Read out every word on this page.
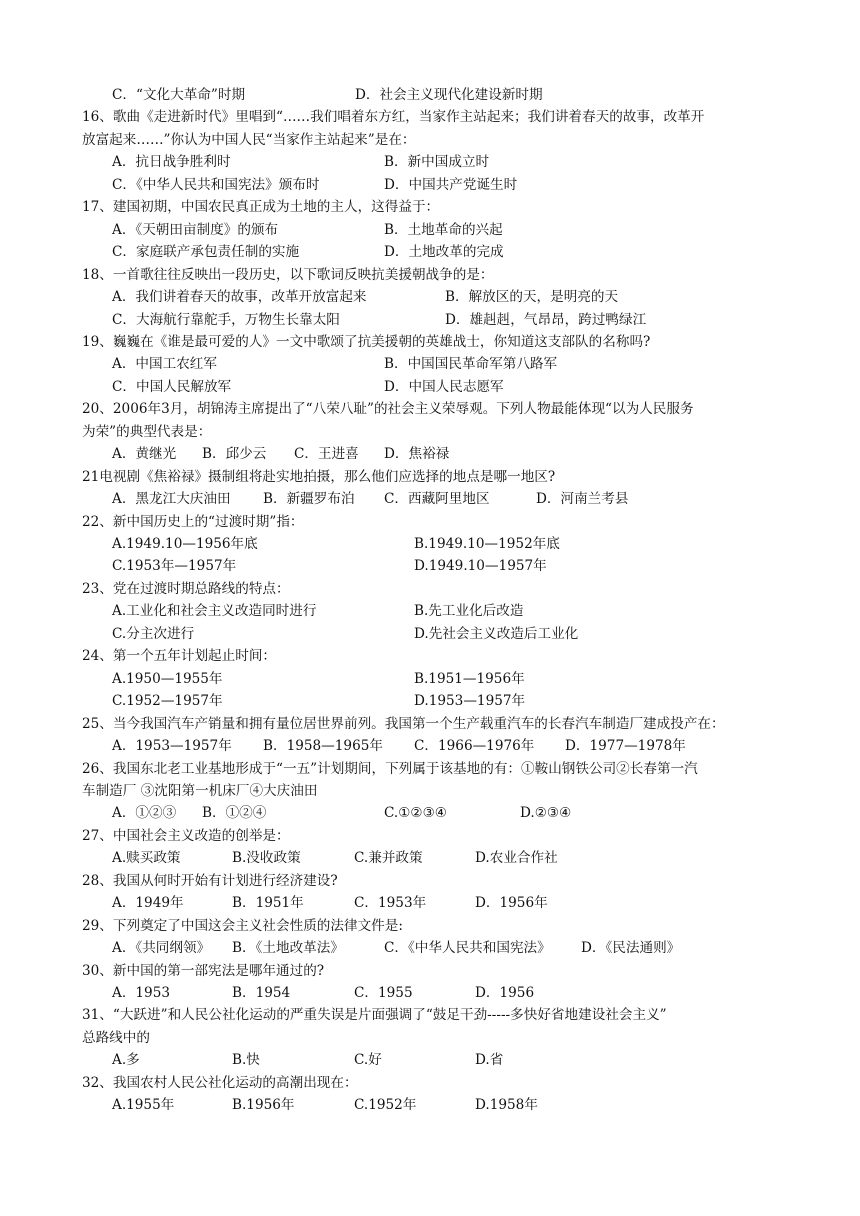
C．“文化大革命”时期	D．社会主义现代化建设新时期
16、歌曲《走进新时代》里唱到“……我们唱着东方红，当家作主站起来；我们讲着春天的故事，改革开
放富起来……”你认为中国人民“当家作主站起来”是在：
A．抗日战争胜利时	B．新中国成立时
C．《中华人民共和国宪法》颁布时	D．中国共产党诞生时
17、建国初期，中国农民真正成为土地的主人，这得益于：
A．《天朝田亩制度》的颁布	B．土地革命的兴起
C．家庭联产承包责任制的实施	D．土地改革的完成
18、一首歌往往反映出一段历史，以下歌词反映抗美援朝战争的是：
A．我们讲着春天的故事，改革开放富起来	B．解放区的天，是明亮的天
C．大海航行靠舵手，万物生长靠太阳	D．雄赳赳，气昂昂，跨过鸭绿江
19、巍巍在《谁是最可爱的人》一文中歌颂了抗美援朝的英雄战士，你知道这支部队的名称吗?
A．中国工农红军	B．中国国民革命军第八路军
C．中国人民解放军	D．中国人民志愿军
20、2006年3月，胡锦涛主席提出了“八荣八耻”的社会主义荣辱观。下列人物最能体现“以为人民服务
为荣”的典型代表是：
A．黄继光 B．邱少云 C．王进喜 D．焦裕禄
21电视剧《焦裕禄》摄制组将赴实地拍摄，那么他们应选择的地点是哪一地区?
A．黑龙江大庆油田 B．新疆罗布泊 C．西藏阿里地区	D．河南兰考县
22、新中国历史上的“过渡时期”指：
A.1949.10—1956年底	B.1949.10—1952年底
C.1953年—1957年	D.1949.10—1957年
23、党在过渡时期总路线的特点：
A.工业化和社会主义改造同时进行	B.先工业化后改造
C.分主次进行	D.先社会主义改造后工业化
24、第一个五年计划起止时间：
A.1950—1955年	B.1951—1956年
C.1952—1957年	D.1953—1957年
25、当今我国汽车产销量和拥有量位居世界前列。我国第一个生产载重汽车的长春汽车制造厂建成投产在：
A．1953—1957年 B．1958—1965年 C．1966—1976年 D．1977—1978年
26、我国东北老工业基地形成于“一五”计划期间，下列属于该基地的有：①鞍山钢铁公司②长春第一汽
车制造厂 ③沈阳第一机床厂④大庆油田
A．①②③ B．①②④	C.①②③④	D.②③④
27、中国社会主义改造的创举是：
A.赎买政策	B.没收政策	C.兼并政策	D.农业合作社
28、我国从何时开始有计划进行经济建设?
A．1949年	B．1951年	C．1953年	D．1956年
29、下列奠定了中国这会主义社会性质的法律文件是:
A．《共同纲领》 B．《土地改革法》	C．《中华人民共和国宪法》 D．《民法通则》
30、新中国的第一部宪法是哪年通过的?
A．1953	B．1954	C．1955	D．1956
31、“大跃进”和人民公社化运动的严重失误是片面强调了“鼓足干劲-----多快好省地建设社会主义”
总路线中的
A.多	B.快	C.好	D.省
32、我国农村人民公社化运动的高潮出现在：
A.1955年	B.1956年	C.1952年	D.1958年
